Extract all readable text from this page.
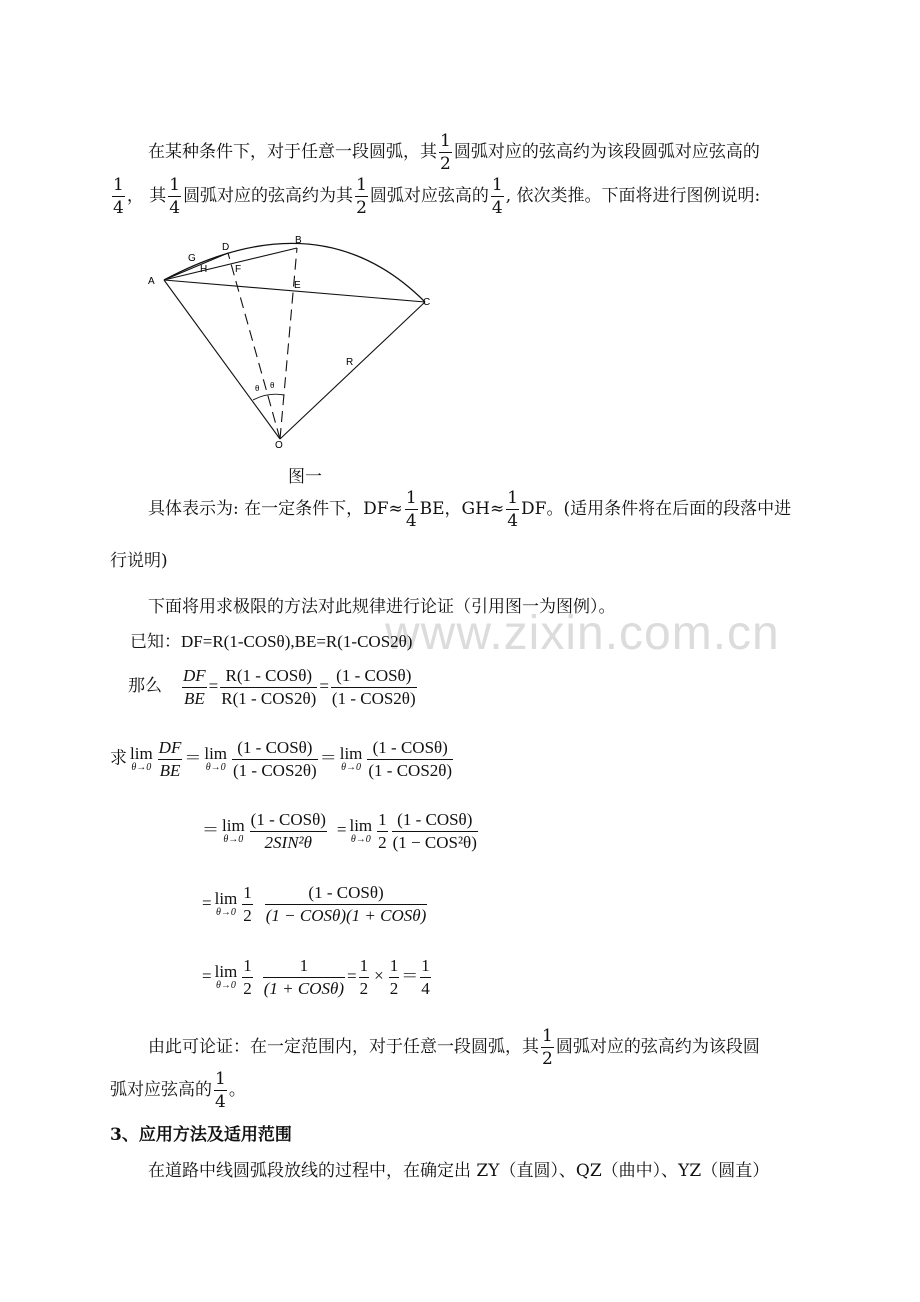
www.zixin.com.cn
在某种条件下，对于任意一段圆弧，其 $\frac{1}{2}$ 圆弧对应的弦高约为该段圆弧对应弦高的
$\frac{1}{4}$ ， 其 $\frac{1}{4}$ 圆弧对应的弦高约为其 $\frac{1}{2}$ 圆弧对应弦高的 $\frac{1}{4}$ , 依次类推。下面将进行图例说明:
A
B
C
D
E
F
G
H
O
R
θ θ
图一
具体表示为: 在一定条件下，$DF\approx \frac{1}{4}$ BE，$GH\approx \frac{1}{4}$ DF。(适用条件将在后面的段落中进
行说明)
下面将用求极限的方法对此规律进行论证（引用图一为图例）。
已知：DF=R(1-COSθ),BE=R(1-COS2θ)
那么 $\frac{DF}{BE} = \frac{\text{R(1 - COSθ)}}{\text{R(1 - COS2θ)}} = \frac{\text{(1 - COSθ)}}{\text{(1 - COS2θ)}}$
求 lim
$\theta\to 0 \frac{DF}{BE} = \lim$
$\theta\to 0 \frac{\text{(1 - COSθ)}}{\text{(1 - COS2θ)}} = \lim$
$\theta\to 0 \frac{\text{(1 - COSθ)}}{\text{(1 - COS2θ)}}$
＝ lim
$\theta\to 0 \frac{\text{(1 - COSθ)}}{\text{2SIN²θ}} = \lim$
$\theta\to 0 \frac{1}{2} \frac{\text{(1 - COSθ)}}{\text{(1 − COS²θ)}}$
= lim
$\theta\to 0 \frac{1}{2} \frac{\text{(1 - COSθ)}}{\text{(1 − COSθ)(1 + COSθ)}}$
= lim
$\theta\to 0 \frac{1}{2} \frac{1}{\text{(1 + COSθ)}} = \frac{1}{2} \times \frac{1}{2} = \frac{1}{4}$
由此可论证：在一定范围内，对于任意一段圆弧，其 $\frac{1}{2}$ 圆弧对应的弦高约为该段圆
弧对应弦高的 $\frac{1}{4}$ 。
3、应用方法及适用范围
在道路中线圆弧段放线的过程中，在确定出 ZY（直圆）、QZ（曲中）、YZ（圆直）
